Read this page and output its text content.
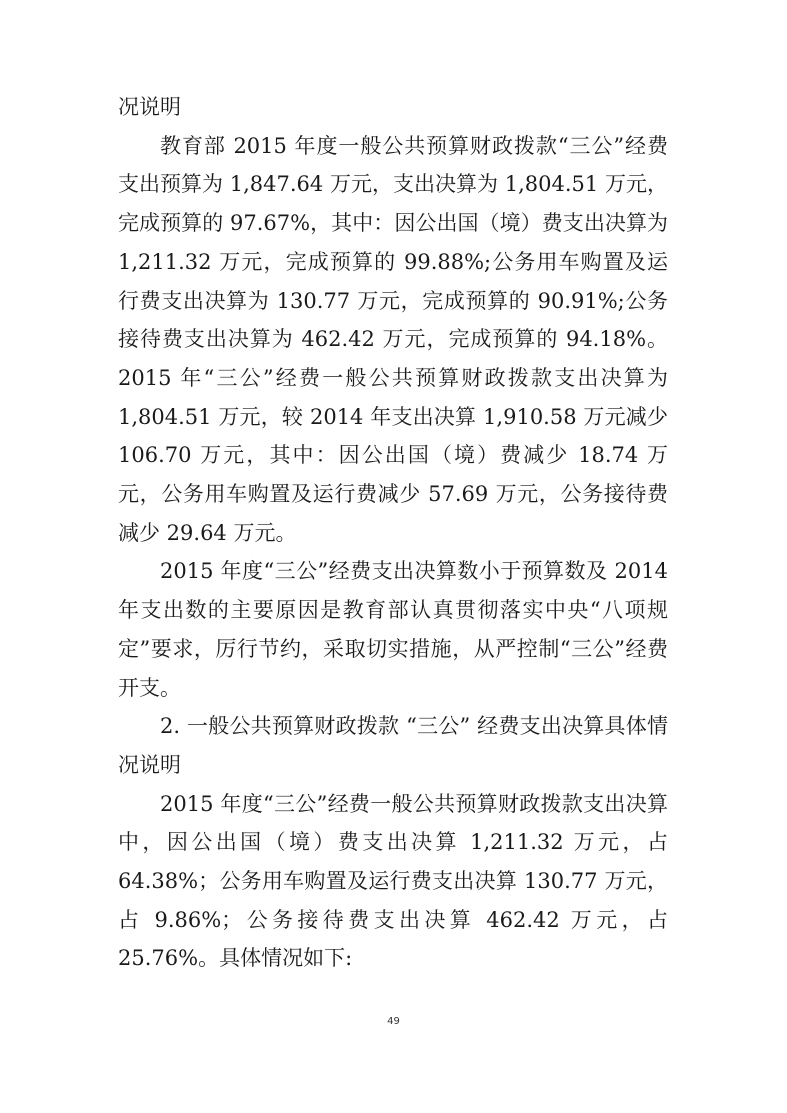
况说明

教育部 2015 年度一般公共预算财政拨款“三公”经费支出预算为 1,847.64 万元，支出决算为 1,804.51 万元，完成预算的 97.67%，其中：因公出国（境）费支出决算为 1,211.32 万元，完成预算的 99.88%;公务用车购置及运行费支出决算为 130.77 万元，完成预算的 90.91%;公务接待费支出决算为 462.42 万元，完成预算的 94.18%。2015 年“三公”经费一般公共预算财政拨款支出决算为 1,804.51 万元，较 2014 年支出决算 1,910.58 万元减少 106.70 万元，其中：因公出国（境）费减少 18.74 万元，公务用车购置及运行费减少 57.69 万元，公务接待费减少 29.64 万元。

2015 年度“三公”经费支出决算数小于预算数及 2014 年支出数的主要原因是教育部认真贯彻落实中央“八项规定”要求，厉行节约，采取切实措施，从严控制“三公”经费开支。

2. 一般公共预算财政拨款 “三公” 经费支出决算具体情况说明

2015 年度“三公”经费一般公共预算财政拨款支出决算中，因公出国（境）费支出决算 1,211.32 万元，占 64.38%；公务用车购置及运行费支出决算 130.77 万元，占 9.86%；公务接待费支出决算 462.42 万元，占 25.76%。具体情况如下:

49
